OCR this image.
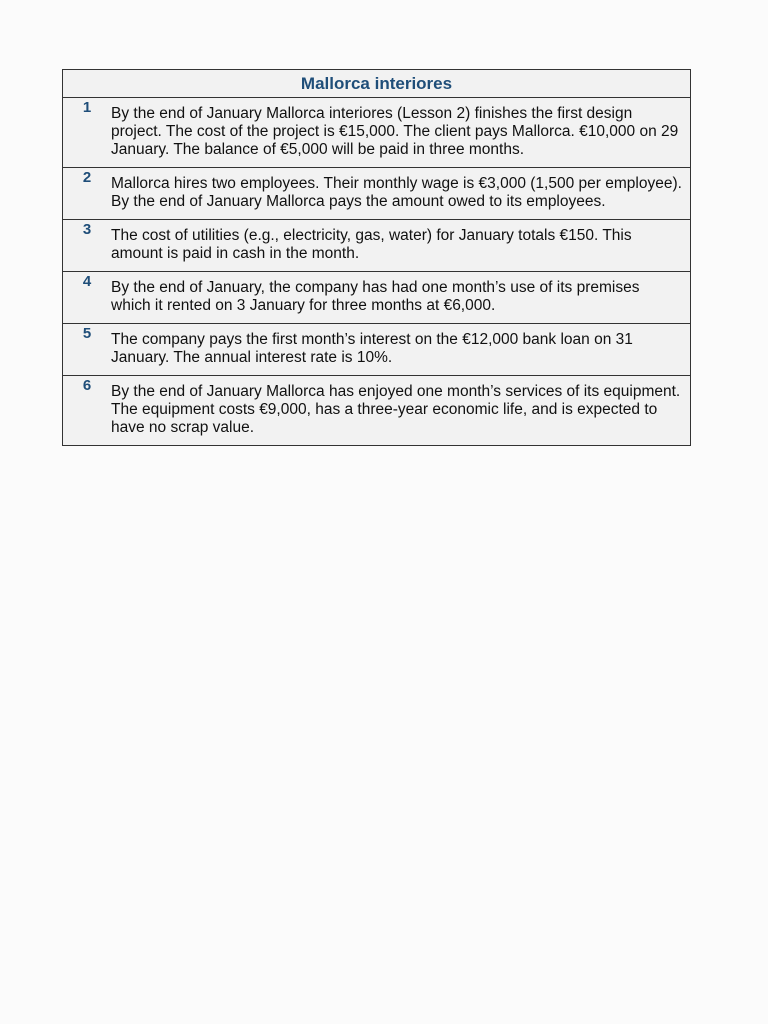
Mallorca interiores

1	By the end of January Mallorca interiores (Lesson 2) finishes the first design project. The cost of the project is €15,000. The client pays Mallorca. €10,000 on 29 January. The balance of €5,000 will be paid in three months.

2	Mallorca hires two employees. Their monthly wage is €3,000 (1,500 per employee). By the end of January Mallorca pays the amount owed to its employees.

3	The cost of utilities (e.g., electricity, gas, water) for January totals €150. This amount is paid in cash in the month.

4	By the end of January, the company has had one month’s use of its premises which it rented on 3 January for three months at €6,000.

5	The company pays the first month’s interest on the €12,000 bank loan on 31 January. The annual interest rate is 10%.

6	By the end of January Mallorca has enjoyed one month’s services of its equipment. The equipment costs €9,000, has a three-year economic life, and is expected to have no scrap value.
